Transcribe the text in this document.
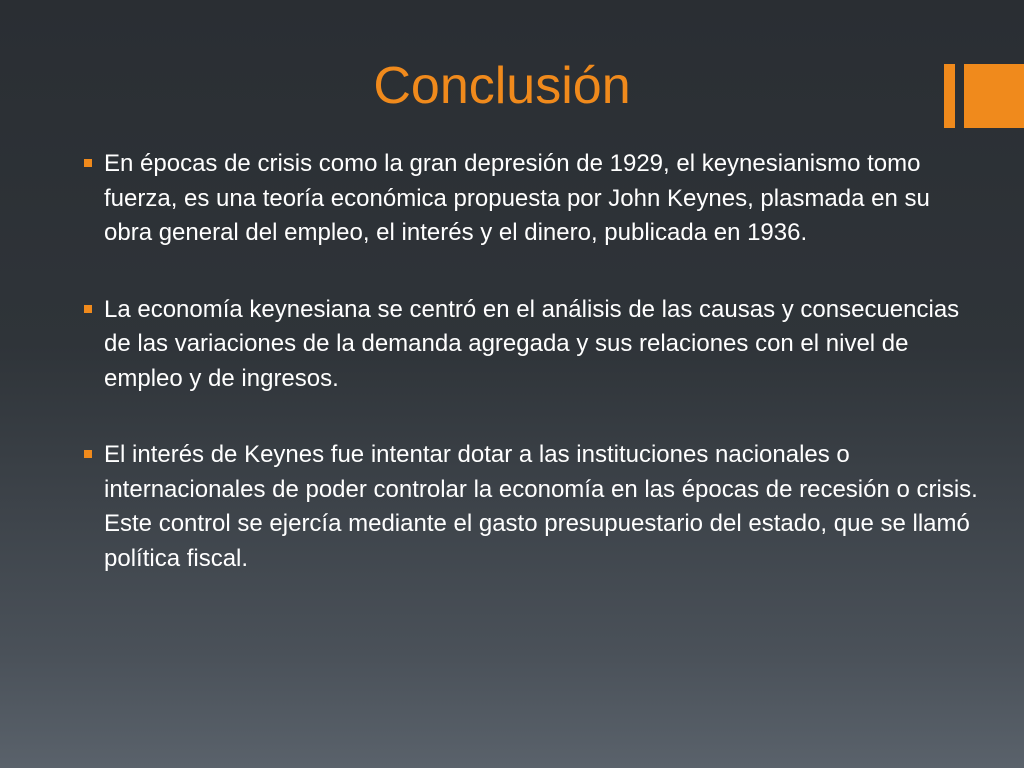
Conclusión
En épocas de crisis como la gran depresión de 1929, el keynesianismo tomo fuerza, es una teoría económica propuesta por John Keynes, plasmada en su obra general del empleo, el interés y el dinero, publicada en 1936.
La economía keynesiana se centró en el análisis de las causas y consecuencias de las variaciones de la demanda agregada y sus relaciones con el nivel de empleo y de ingresos.
El interés de Keynes fue intentar dotar a las instituciones nacionales o internacionales de poder controlar la economía en las épocas de recesión o crisis. Este control se ejercía mediante el gasto presupuestario del estado, que se llamó política fiscal.
